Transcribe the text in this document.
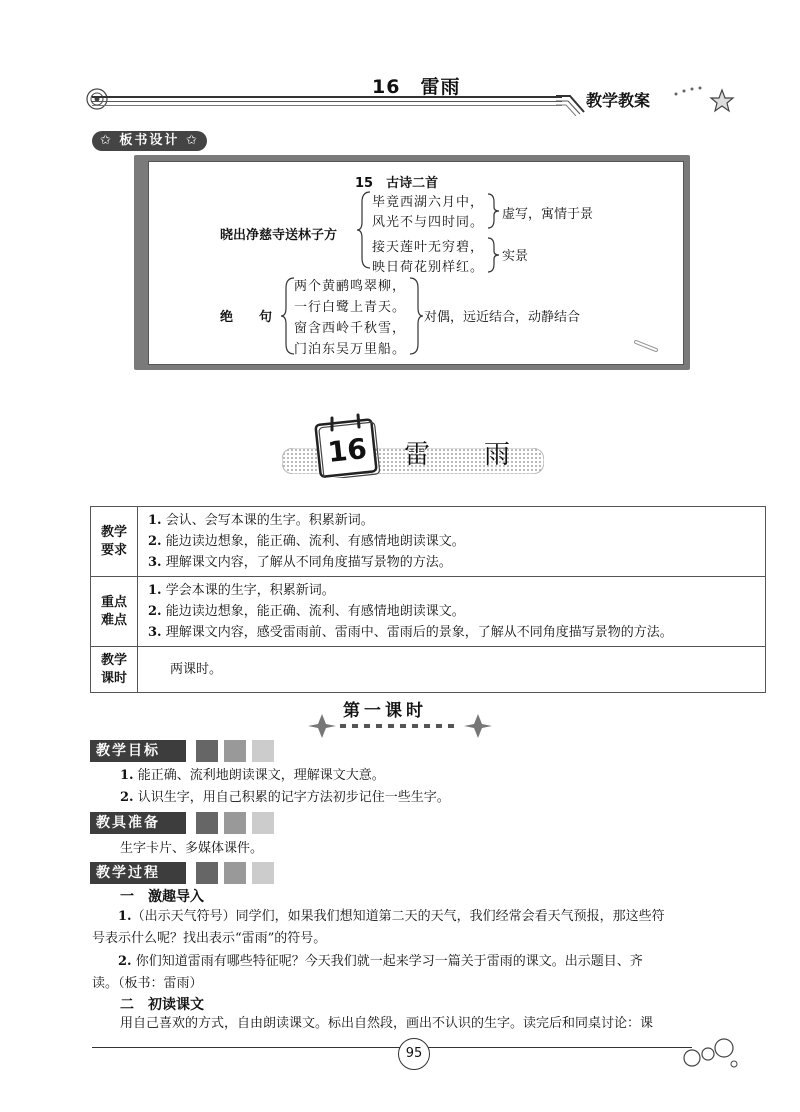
16　雷雨
教学教案
✩ 板书设计 ✩
15　古诗二首
晓出净慈寺送林子方
毕竟西湖六月中，
风光不与四时同。
接天莲叶无穷碧，
映日荷花别样红。
虚写，寓情于景
实景
绝　　句
两个黄鹂鸣翠柳，
一行白鹭上青天。
窗含西岭千秋雪，
门泊东吴万里船。
对偶，远近结合，动静结合
16 雷雨
教学要求	1. 会认、会写本课的生字。积累新词。
2. 能边读边想象，能正确、流利、有感情地朗读课文。
3. 理解课文内容，了解从不同角度描写景物的方法。

重点难点	1. 学会本课的生字，积累新词。
2. 能边读边想象，能正确、流利、有感情地朗读课文。
3. 理解课文内容，感受雷雨前、雷雨中、雷雨后的景象，了解从不同角度描写景物的方法。

教学课时	两课时。
第一课时
教学目标
1. 能正确、流利地朗读课文，理解课文大意。
2. 认识生字，用自己积累的记字方法初步记住一些生字。
教具准备
生字卡片、多媒体课件。
教学过程
一　激趣导入
1.（出示天气符号）同学们，如果我们想知道第二天的天气，我们经常会看天气预报，那这些符
号表示什么呢？找出表示“雷雨”的符号。
2. 你们知道雷雨有哪些特征呢？今天我们就一起来学习一篇关于雷雨的课文。出示题目、齐
读。（板书：雷雨）
二　初读课文
用自己喜欢的方式，自由朗读课文。标出自然段，画出不认识的生字。读完后和同桌讨论：课
95
